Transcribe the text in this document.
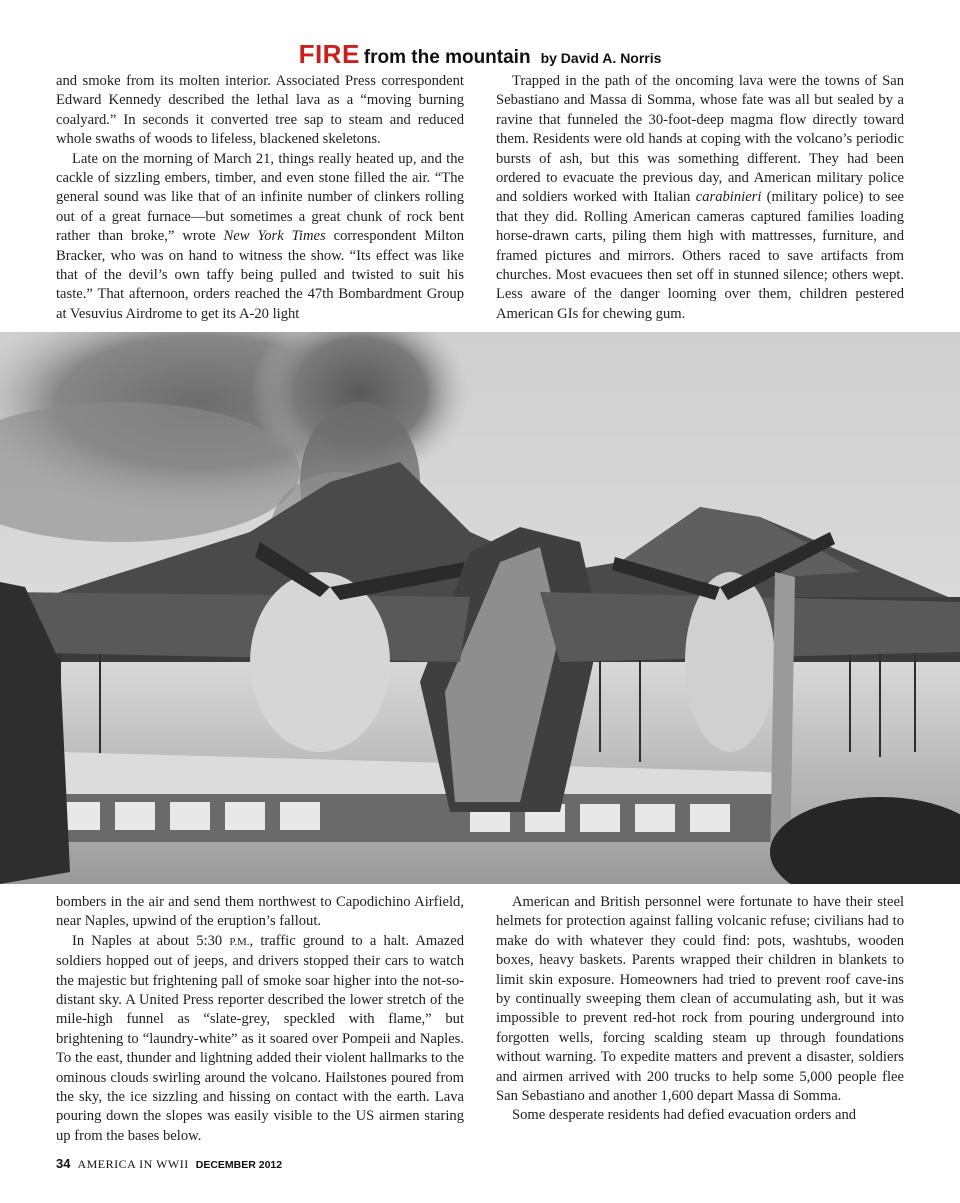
FIRE from the mountain by David A. Norris

and smoke from its molten interior. Associated Press correspondent Edward Kennedy described the lethal lava as a “moving burning coalyard.” In seconds it converted tree sap to steam and reduced whole swaths of woods to lifeless, blackened skeletons.

Late on the morning of March 21, things really heated up, and the cackle of sizzling embers, timber, and even stone filled the air. “The general sound was like that of an infinite number of clinkers rolling out of a great furnace—but sometimes a great chunk of rock bent rather than broke,” wrote New York Times correspondent Milton Bracker, who was on hand to witness the show. “Its effect was like that of the devil’s own taffy being pulled and twisted to suit his taste.” That afternoon, orders reached the 47th Bombardment Group at Vesuvius Airdrome to get its A-20 light

Trapped in the path of the oncoming lava were the towns of San Sebastiano and Massa di Somma, whose fate was all but sealed by a ravine that funneled the 30-foot-deep magma flow directly toward them. Residents were old hands at coping with the volcano’s periodic bursts of ash, but this was something different. They had been ordered to evacuate the previous day, and American military police and soldiers worked with Italian carabinieri (military police) to see that they did. Rolling American cameras captured families loading horse-drawn carts, piling them high with mattresses, furniture, and framed pictures and mirrors. Others raced to save artifacts from churches. Most evacuees then set off in stunned silence; others wept. Less aware of the danger looming over them, children pestered American GIs for chewing gum.

bombers in the air and send them northwest to Capodichino Airfield, near Naples, upwind of the eruption’s fallout.

In Naples at about 5:30 P.M., traffic ground to a halt. Amazed soldiers hopped out of jeeps, and drivers stopped their cars to watch the majestic but frightening pall of smoke soar higher into the not-so-distant sky. A United Press reporter described the lower stretch of the mile-high funnel as “slate-grey, speckled with flame,” but brightening to “laundry-white” as it soared over Pompeii and Naples. To the east, thunder and lightning added their violent hallmarks to the ominous clouds swirling around the volcano. Hailstones poured from the sky, the ice sizzling and hissing on contact with the earth. Lava pouring down the slopes was easily visible to the US airmen staring up from the bases below.

American and British personnel were fortunate to have their steel helmets for protection against falling volcanic refuse; civilians had to make do with whatever they could find: pots, washtubs, wooden boxes, heavy baskets. Parents wrapped their children in blankets to limit skin exposure. Homeowners had tried to prevent roof cave-ins by continually sweeping them clean of accumulating ash, but it was impossible to prevent red-hot rock from pouring underground into forgotten wells, forcing scalding steam up through foundations without warning. To expedite matters and prevent a disaster, soldiers and airmen arrived with 200 trucks to help some 5,000 people flee San Sebastiano and another 1,600 depart Massa di Somma.

Some desperate residents had defied evacuation orders and

34 AMERICA IN WWII DECEMBER 2012
